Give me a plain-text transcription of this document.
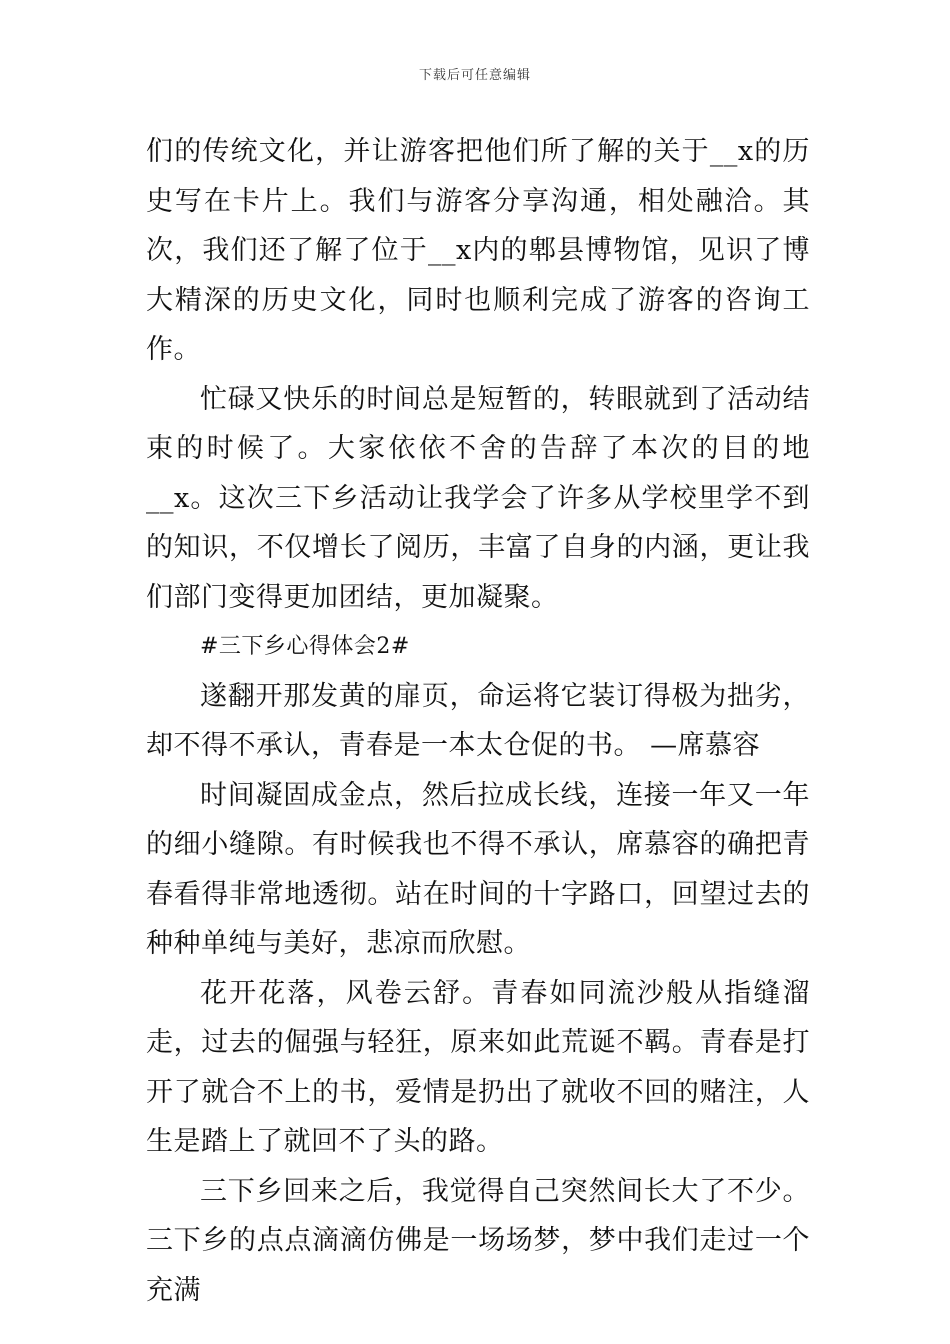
下载后可任意编辑

们的传统文化，并让游客把他们所了解的关于__x的历史写在卡片上。我们与游客分享沟通，相处融洽。其次，我们还了解了位于__x内的郫县博物馆，见识了博大精深的历史文化，同时也顺利完成了游客的咨询工作。

忙碌又快乐的时间总是短暂的，转眼就到了活动结束的时候了。大家依依不舍的告辞了本次的目的地__x。这次三下乡活动让我学会了许多从学校里学不到的知识，不仅增长了阅历，丰富了自身的内涵，更让我们部门变得更加团结，更加凝聚。

#三下乡心得体会2#

遂翻开那发黄的扉页，命运将它装订得极为拙劣，却不得不承认，青春是一本太仓促的书。 —席慕容

时间凝固成金点，然后拉成长线，连接一年又一年的细小缝隙。有时候我也不得不承认，席慕容的确把青春看得非常地透彻。站在时间的十字路口，回望过去的种种单纯与美好，悲凉而欣慰。

花开花落，风卷云舒。青春如同流沙般从指缝溜走，过去的倔强与轻狂，原来如此荒诞不羁。青春是打开了就合不上的书，爱情是扔出了就收不回的赌注，人生是踏上了就回不了头的路。

三下乡回来之后，我觉得自己突然间长大了不少。三下乡的点点滴滴仿佛是一场场梦，梦中我们走过一个充满
